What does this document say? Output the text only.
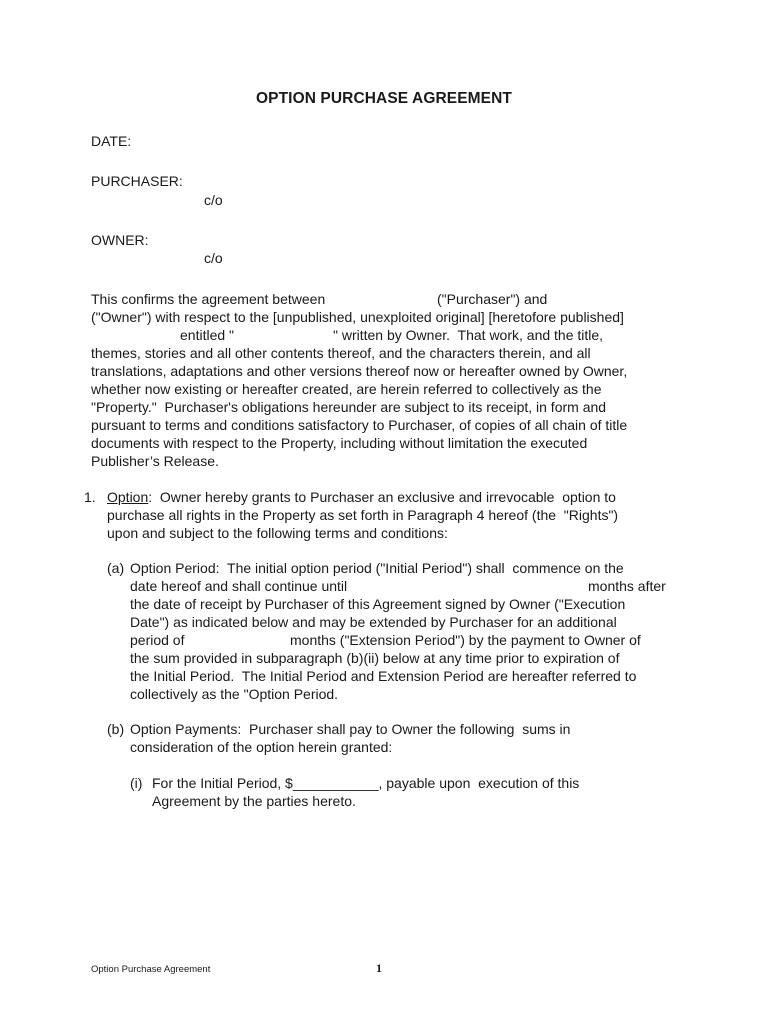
OPTION PURCHASE AGREEMENT
DATE:
PURCHASER:
c/o
OWNER:
c/o
This confirms the agreement between	("Purchaser") and
("Owner") with respect to the [unpublished, unexploited original] [heretofore published]
entitled "	" written by Owner.  That work, and the title,
themes, stories and all other contents thereof, and the characters therein, and all
translations, adaptations and other versions thereof now or hereafter owned by Owner,
whether now existing or hereafter created, are herein referred to collectively as the
"Property."  Purchaser's obligations hereunder are subject to its receipt, in form and
pursuant to terms and conditions satisfactory to Purchaser, of copies of all chain of title
documents with respect to the Property, including without limitation the executed
Publisher’s Release.
1. Option:  Owner hereby grants to Purchaser an exclusive and irrevocable  option to
purchase all rights in the Property as set forth in Paragraph 4 hereof (the  "Rights")
upon and subject to the following terms and conditions:
(a) Option Period:  The initial option period ("Initial Period") shall  commence on the
date hereof and shall continue until	months after
the date of receipt by Purchaser of this Agreement signed by Owner ("Execution
Date") as indicated below and may be extended by Purchaser for an additional
period of	months ("Extension Period") by the payment to Owner of
the sum provided in subparagraph (b)(ii) below at any time prior to expiration of
the Initial Period.  The Initial Period and Extension Period are hereafter referred to
collectively as the "Option Period.
(b) Option Payments:  Purchaser shall pay to Owner the following  sums in
consideration of the option herein granted:
(i) For the Initial Period, $___________, payable upon  execution of this
Agreement by the parties hereto.
Option Purchase Agreement	1
